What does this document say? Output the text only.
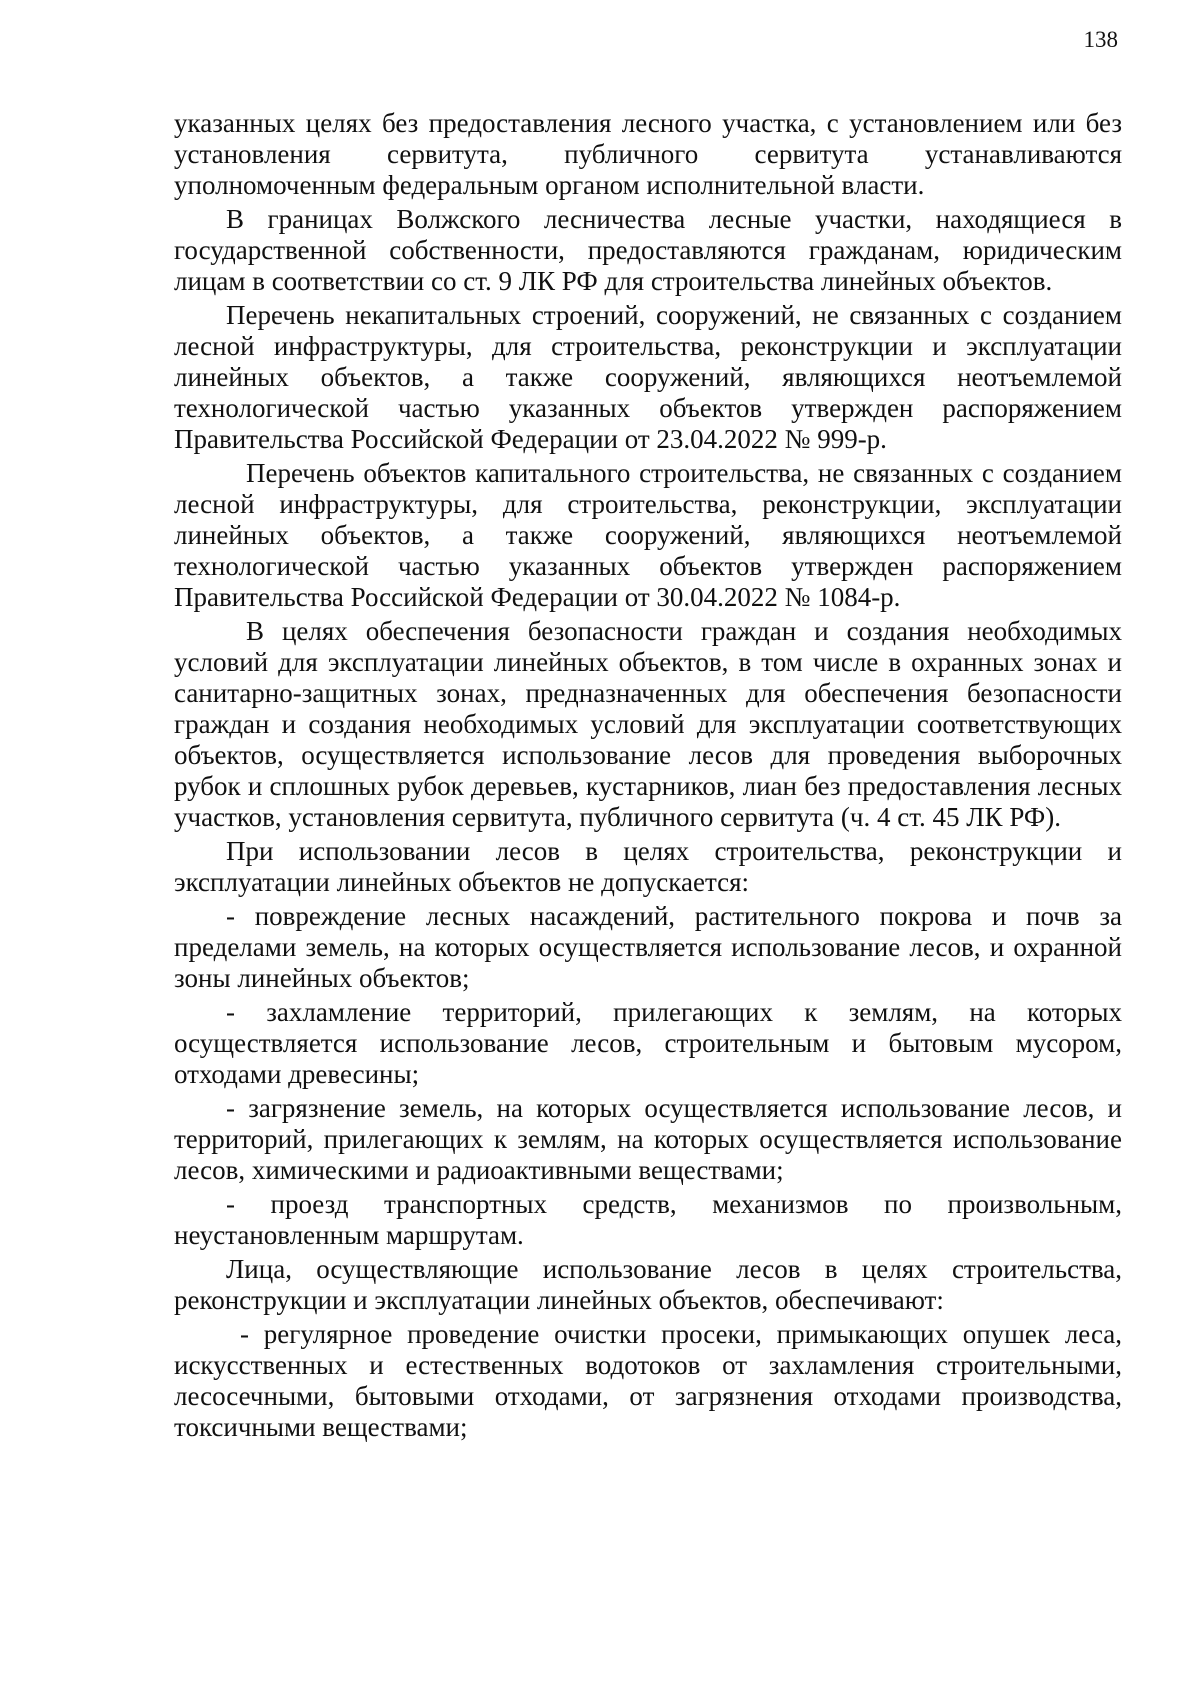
138

указанных целях без предоставления лесного участка, с установлением или без установления сервитута, публичного сервитута устанавливаются уполномоченным федеральным органом исполнительной власти.

В границах Волжского лесничества лесные участки, находящиеся в государственной собственности, предоставляются гражданам, юридическим лицам в соответствии со ст. 9 ЛК РФ для строительства линейных объектов.

Перечень некапитальных строений, сооружений, не связанных с созданием лесной инфраструктуры, для строительства, реконструкции и эксплуатации линейных объектов, а также сооружений, являющихся неотъемлемой технологической частью указанных объектов утвержден распоряжением Правительства Российской Федерации от 23.04.2022 № 999-р.

Перечень объектов капитального строительства, не связанных с созданием лесной инфраструктуры, для строительства, реконструкции, эксплуатации линейных объектов, а также сооружений, являющихся неотъемлемой технологической частью указанных объектов утвержден распоряжением Правительства Российской Федерации от 30.04.2022 № 1084-р.

В целях обеспечения безопасности граждан и создания необходимых условий для эксплуатации линейных объектов, в том числе в охранных зонах и санитарно-защитных зонах, предназначенных для обеспечения безопасности граждан и создания необходимых условий для эксплуатации соответствующих объектов, осуществляется использование лесов для проведения выборочных рубок и сплошных рубок деревьев, кустарников, лиан без предоставления лесных участков, установления сервитута, публичного сервитута (ч. 4 ст. 45 ЛК РФ).

При использовании лесов в целях строительства, реконструкции и эксплуатации линейных объектов не допускается:

- повреждение лесных насаждений, растительного покрова и почв за пределами земель, на которых осуществляется использование лесов, и охранной зоны линейных объектов;

- захламление территорий, прилегающих к землям, на которых осуществляется использование лесов, строительным и бытовым мусором, отходами древесины;

- загрязнение земель, на которых осуществляется использование лесов, и территорий, прилегающих к землям, на которых осуществляется использование лесов, химическими и радиоактивными веществами;

- проезд транспортных средств, механизмов по произвольным, неустановленным маршрутам.

Лица, осуществляющие использование лесов в целях строительства, реконструкции и эксплуатации линейных объектов, обеспечивают:

- регулярное проведение очистки просеки, примыкающих опушек леса, искусственных и естественных водотоков от захламления строительными, лесосечными, бытовыми отходами, от загрязнения отходами производства, токсичными веществами;
